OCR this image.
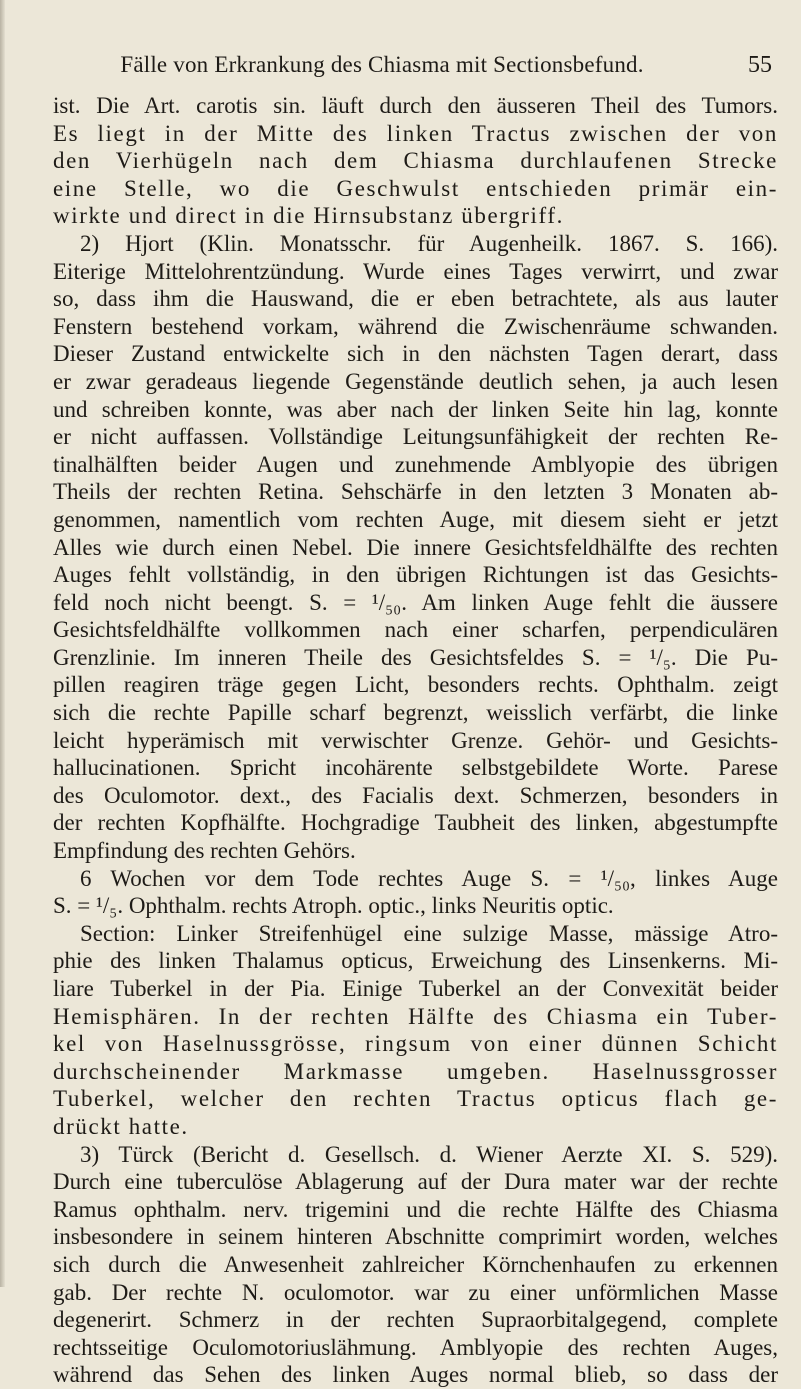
Fälle von Erkrankung des Chiasma mit Sectionsbefund.	55
ist. Die Art. carotis sin. läuft durch den äusseren Theil des Tumors.
Es liegt in der Mitte des linken Tractus zwischen der von
den Vierhügeln nach dem Chiasma durchlaufenen Strecke
eine Stelle, wo die Geschwulst entschieden primär ein-
wirkte und direct in die Hirnsubstanz übergriff.
2) Hjort (Klin. Monatsschr. für Augenheilk. 1867. S. 166).
Eiterige Mittelohrentzündung. Wurde eines Tages verwirrt, und zwar
so, dass ihm die Hauswand, die er eben betrachtete, als aus lauter
Fenstern bestehend vorkam, während die Zwischenräume schwanden.
Dieser Zustand entwickelte sich in den nächsten Tagen derart, dass
er zwar geradeaus liegende Gegenstände deutlich sehen, ja auch lesen
und schreiben konnte, was aber nach der linken Seite hin lag, konnte
er nicht auffassen. Vollständige Leitungsunfähigkeit der rechten Re-
tinalhälften beider Augen und zunehmende Amblyopie des übrigen
Theils der rechten Retina. Sehschärfe in den letzten 3 Monaten ab-
genommen, namentlich vom rechten Auge, mit diesem sieht er jetzt
Alles wie durch einen Nebel. Die innere Gesichtsfeldhälfte des rechten
Auges fehlt vollständig, in den übrigen Richtungen ist das Gesichts-
feld noch nicht beengt. S. = ¹/₅₀. Am linken Auge fehlt die äussere
Gesichtsfeldhälfte vollkommen nach einer scharfen, perpendiculären
Grenzlinie. Im inneren Theile des Gesichtsfeldes S. = ¹/₅. Die Pu-
pillen reagiren träge gegen Licht, besonders rechts. Ophthalm. zeigt
sich die rechte Papille scharf begrenzt, weisslich verfärbt, die linke
leicht hyperämisch mit verwischter Grenze. Gehör- und Gesichts-
hallucinationen. Spricht incohärente selbstgebildete Worte. Parese
des Oculomotor. dext., des Facialis dext. Schmerzen, besonders in
der rechten Kopfhälfte. Hochgradige Taubheit des linken, abgestumpfte
Empfindung des rechten Gehörs.
6 Wochen vor dem Tode rechtes Auge S. = ¹/₅₀, linkes Auge
S. = ¹/₅. Ophthalm. rechts Atroph. optic., links Neuritis optic.
Section: Linker Streifenhügel eine sulzige Masse, mässige Atro-
phie des linken Thalamus opticus, Erweichung des Linsenkerns. Mi-
liare Tuberkel in der Pia. Einige Tuberkel an der Convexität beider
Hemisphären. In der rechten Hälfte des Chiasma ein Tuber-
kel von Haselnussgrösse, ringsum von einer dünnen Schicht
durchscheinender Markmasse umgeben. Haselnussgrosser
Tuberkel, welcher den rechten Tractus opticus flach ge-
drückt hatte.
3) Türck (Bericht d. Gesellsch. d. Wiener Aerzte XI. S. 529).
Durch eine tuberculöse Ablagerung auf der Dura mater war der rechte
Ramus ophthalm. nerv. trigemini und die rechte Hälfte des Chiasma
insbesondere in seinem hinteren Abschnitte comprimirt worden, welches
sich durch die Anwesenheit zahlreicher Körnchenhaufen zu erkennen
gab. Der rechte N. oculomotor. war zu einer unförmlichen Masse
degenerirt. Schmerz in der rechten Supraorbitalgegend, complete
rechtsseitige Oculomotoriuslähmung. Amblyopie des rechten Auges,
während das Sehen des linken Auges normal blieb, so dass der
